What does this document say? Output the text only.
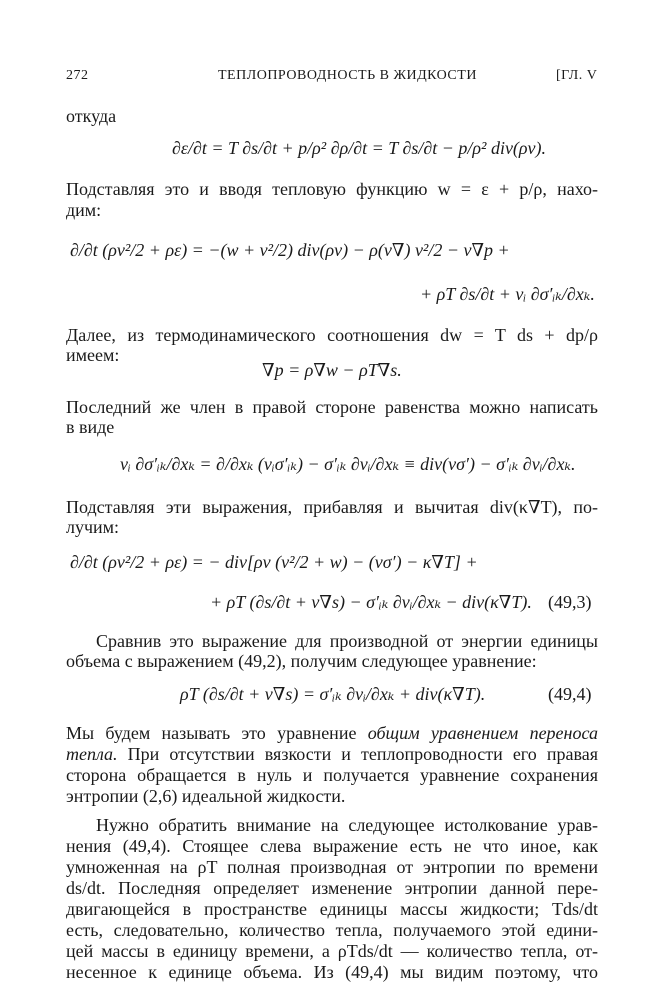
272	ТЕПЛОПРОВОДНОСТЬ В ЖИДКОСТИ	[ГЛ. V
откуда
∂ε/∂t = T ∂s/∂t + p/ρ² ∂ρ/∂t = T ∂s/∂t − p/ρ² div(ρv).
Подставляя это и вводя тепловую функцию w = ε + p/ρ, нахо-
дим:
∂/∂t (ρv²/2 + ρε) = −(w + v²/2) div(ρv) − ρ(v∇) v²/2 − v∇p +
+ ρT ∂s/∂t + vᵢ ∂σ′ᵢₖ/∂xₖ.
Далее, из термодинамического соотношения dw = T ds + dp/ρ
имеем:
∇p = ρ∇w − ρT∇s.
Последний же член в правой стороне равенства можно написать
в виде
vᵢ ∂σ′ᵢₖ/∂xₖ = ∂/∂xₖ (vᵢσ′ᵢₖ) − σ′ᵢₖ ∂vᵢ/∂xₖ ≡ div(vσ′) − σ′ᵢₖ ∂vᵢ/∂xₖ.
Подставляя эти выражения, прибавляя и вычитая div(κ∇T), по-
лучим:
∂/∂t (ρv²/2 + ρε) = − div[ρv (v²/2 + w) − (vσ′) − κ∇T] +
+ ρT (∂s/∂t + v∇s) − σ′ᵢₖ ∂vᵢ/∂xₖ − div(κ∇T). (49,3)
Сравнив это выражение для производной от энергии единицы
объема с выражением (49,2), получим следующее уравнение:
ρT (∂s/∂t + v∇s) = σ′ᵢₖ ∂vᵢ/∂xₖ + div(κ∇T).	(49,4)
Мы будем называть это уравнение общим уравнением переноса
тепла. При отсутствии вязкости и теплопроводности его правая
сторона обращается в нуль и получается уравнение сохранения
энтропии (2,6) идеальной жидкости.
Нужно обратить внимание на следующее истолкование урав-
нения (49,4). Стоящее слева выражение есть не что иное, как
умноженная на ρT полная производная от энтропии по времени
ds/dt. Последняя определяет изменение энтропии данной пере-
двигающейся в пространстве единицы массы жидкости; Tds/dt
есть, следовательно, количество тепла, получаемого этой едини-
цей массы в единицу времени, а ρTds/dt — количество тепла, от-
несенное к единице объема. Из (49,4) мы видим поэтому, что
